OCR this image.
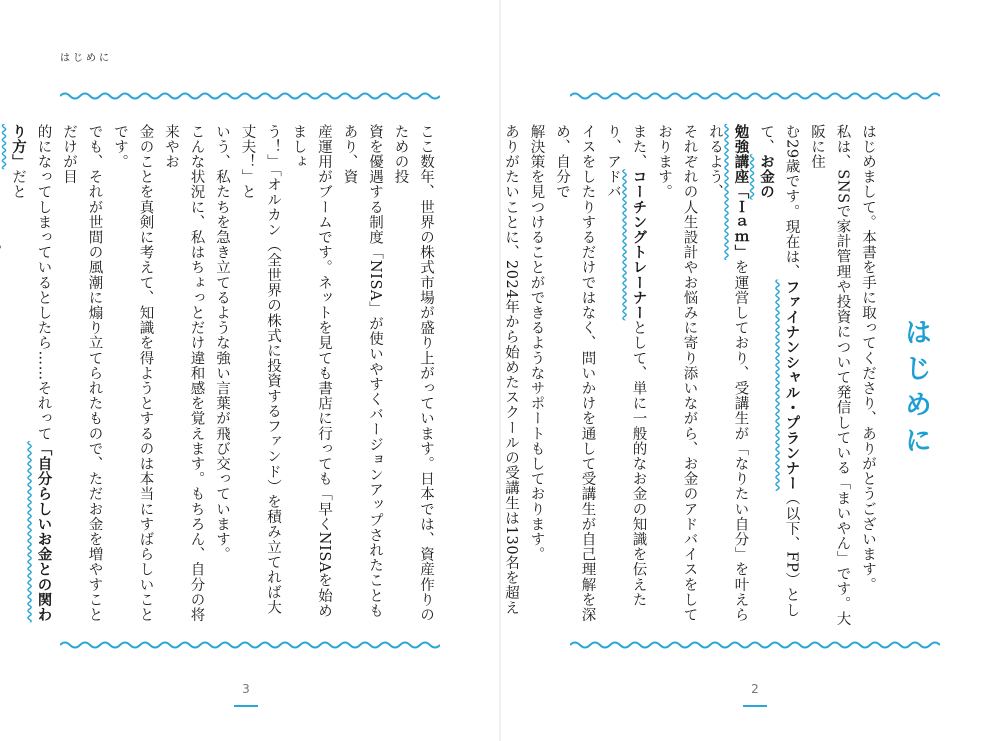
はじめに

ここ数年、世界の株式市場が盛り上がっています。日本では、資産作りのための投

資を優遇する制度「NISA」が使いやすくバージョンアップされたこともあり、資

産運用がブームです。ネットを見ても書店に行っても「早くNISAを始めましょ

う！」「オルカン（全世界の株式に投資するファンド）を積み立てれば大丈夫！」と

いう、私たちを急き立てるような強い言葉が飛び交っています。

こんな状況に、私はちょっとだけ違和感を覚えます。もちろん、自分の将来やお

金のことを真剣に考えて、知識を得ようとするのは本当にすばらしいことです。

でも、それが世間の風潮に煽り立てられたもので、ただお金を増やすことだけが目

的になってしまっているとしたら……それって「自分らしいお金との関わり方」だと

3
はじめに

はじめまして。本書を手に取ってくださり、ありがとうございます。

私は、SNSで家計管理や投資について発信している「まいやん」です。大阪に住

む29歳です。現在は、ファイナンシャル・プランナー（以下、FP）として、お金の

勉強講座「Ｉａｍ」を運営しており、受講生が「なりたい自分」を叶えられるよう、

それぞれの人生設計やお悩みに寄り添いながら、お金のアドバイスをしております。

また、コーチングトレーナーとして、単に一般的なお金の知識を伝えたり、アドバ

イスをしたりするだけではなく、問いかけを通して受講生が自己理解を深め、自分で

解決策を見つけることができるようなサポートもしております。

ありがたいことに、2024年から始めたスクールの受講生は130名を超え

2
